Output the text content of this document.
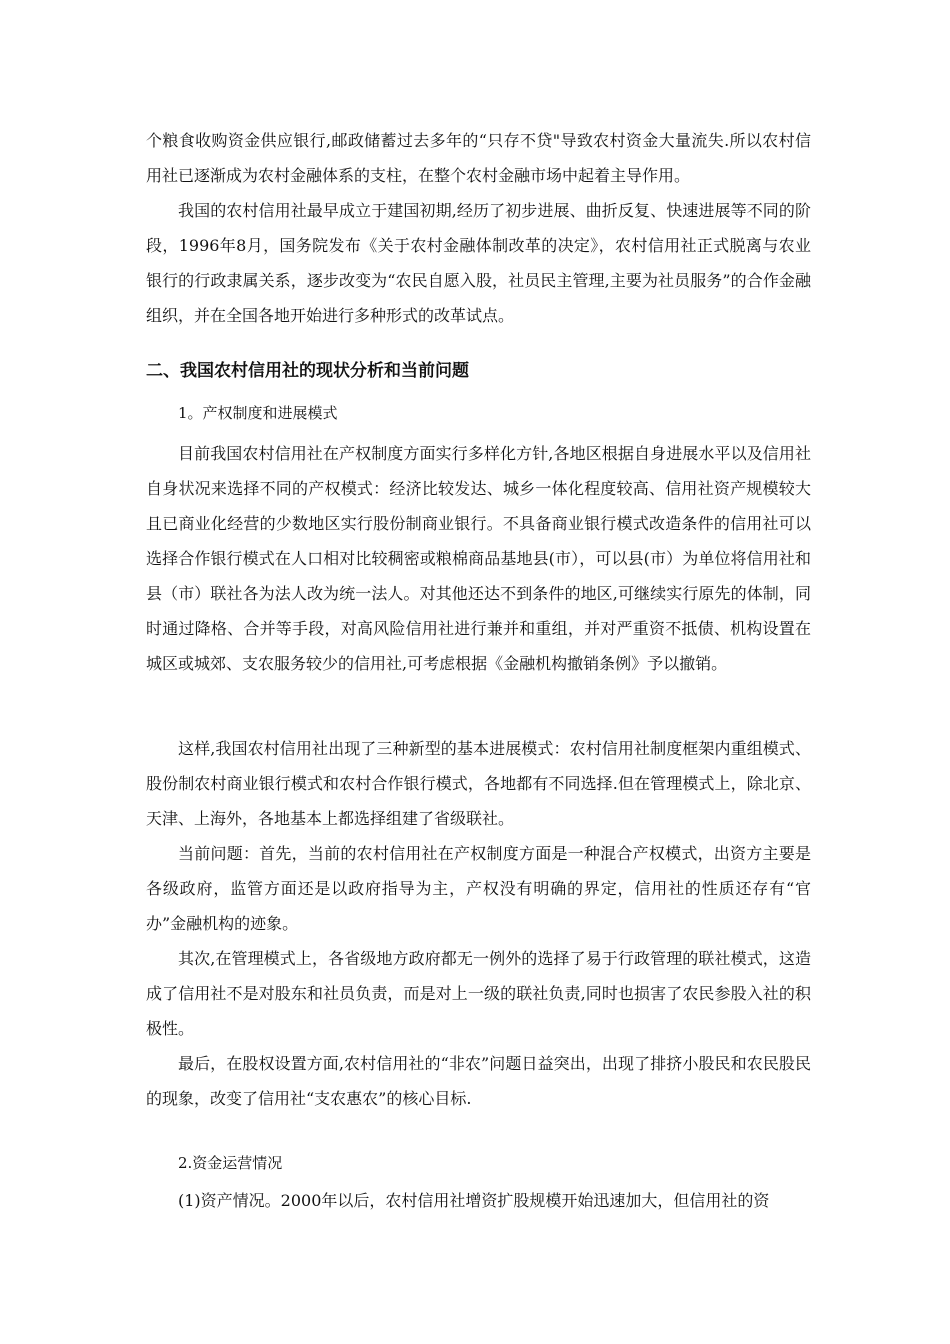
个粮食收购资金供应银行,邮政储蓄过去多年的“只存不贷"导致农村资金大量流失.所以农村信用社已逐渐成为农村金融体系的支柱，在整个农村金融市场中起着主导作用。

我国的农村信用社最早成立于建国初期,经历了初步进展、曲折反复、快速进展等不同的阶段，1996年8月，国务院发布《关于农村金融体制改革的决定》，农村信用社正式脱离与农业银行的行政隶属关系，逐步改变为“农民自愿入股，社员民主管理,主要为社员服务”的合作金融组织，并在全国各地开始进行多种形式的改革试点。

二、我国农村信用社的现状分析和当前问题

1。产权制度和进展模式

目前我国农村信用社在产权制度方面实行多样化方针,各地区根据自身进展水平以及信用社自身状况来选择不同的产权模式：经济比较发达、城乡一体化程度较高、信用社资产规模较大且已商业化经营的少数地区实行股份制商业银行。不具备商业银行模式改造条件的信用社可以选择合作银行模式在人口相对比较稠密或粮棉商品基地县(市），可以县(市）为单位将信用社和县（市）联社各为法人改为统一法人。对其他还达不到条件的地区,可继续实行原先的体制，同时通过降格、合并等手段，对高风险信用社进行兼并和重组，并对严重资不抵债、机构设置在城区或城郊、支农服务较少的信用社,可考虑根据《金融机构撤销条例》予以撤销。

这样,我国农村信用社出现了三种新型的基本进展模式：农村信用社制度框架内重组模式、股份制农村商业银行模式和农村合作银行模式，各地都有不同选择.但在管理模式上，除北京、天津、上海外，各地基本上都选择组建了省级联社。

当前问题：首先，当前的农村信用社在产权制度方面是一种混合产权模式，出资方主要是各级政府，监管方面还是以政府指导为主，产权没有明确的界定，信用社的性质还存有“官办”金融机构的迹象。

其次,在管理模式上，各省级地方政府都无一例外的选择了易于行政管理的联社模式，这造成了信用社不是对股东和社员负责，而是对上一级的联社负责,同时也损害了农民参股入社的积极性。

最后，在股权设置方面,农村信用社的“非农”问题日益突出，出现了排挤小股民和农民股民的现象，改变了信用社“支农惠农”的核心目标.

2.资金运营情况

(1)资产情况。2000年以后，农村信用社增资扩股规模开始迅速加大，但信用社的资
